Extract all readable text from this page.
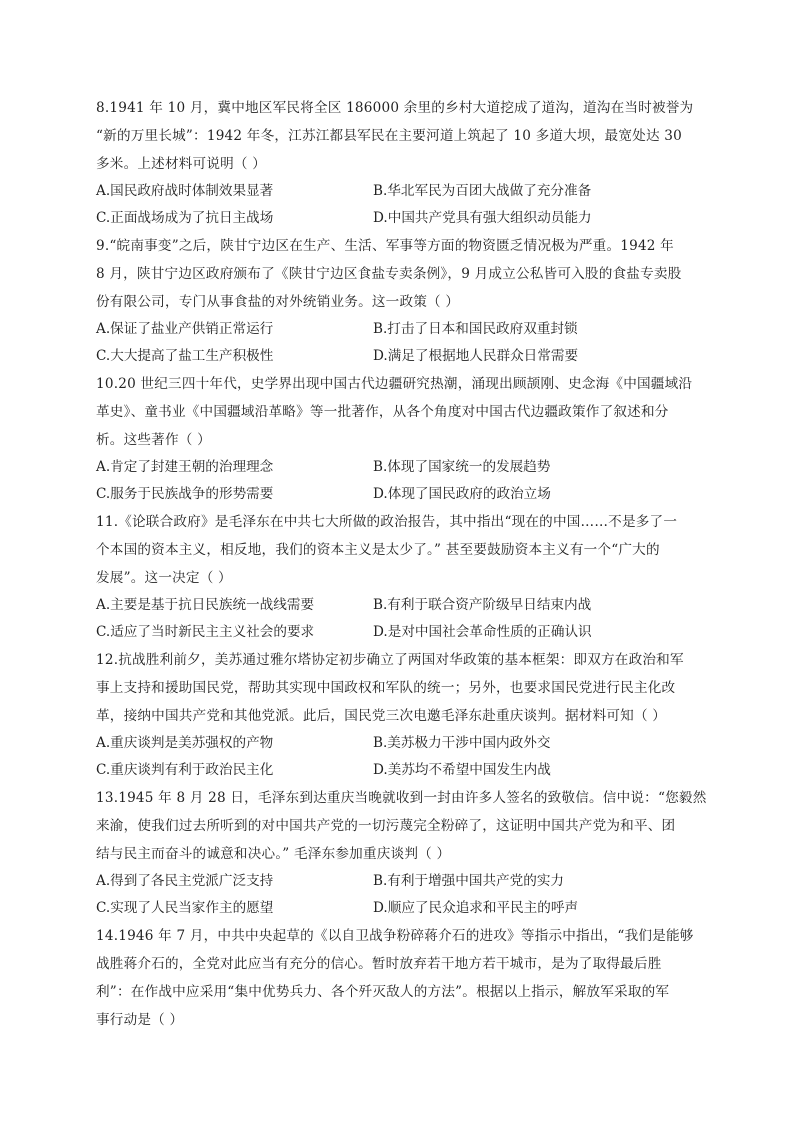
8.1941 年 10 月，冀中地区军民将全区 186000 余里的乡村大道挖成了道沟，道沟在当时被誉为
“新的万里长城”：1942 年冬，江苏江都县军民在主要河道上筑起了 10 多道大坝，最宽处达 30
多米。上述材料可说明（ ）
A.国民政府战时体制效果显著	B.华北军民为百团大战做了充分准备
C.正面战场成为了抗日主战场	D.中国共产党具有强大组织动员能力
9.“皖南事变”之后，陕甘宁边区在生产、生活、军事等方面的物资匮乏情况极为严重。1942 年
8 月，陕甘宁边区政府颁布了《陕甘宁边区食盐专卖条例》，9 月成立公私皆可入股的食盐专卖股
份有限公司，专门从事食盐的对外统销业务。这一政策（ ）
A.保证了盐业产供销正常运行	B.打击了日本和国民政府双重封锁
C.大大提高了盐工生产积极性	D.满足了根据地人民群众日常需要
10.20 世纪三四十年代，史学界出现中国古代边疆研究热潮，涌现出顾颉刚、史念海《中国疆域沿
革史》、童书业《中国疆域沿革略》等一批著作，从各个角度对中国古代边疆政策作了叙述和分
析。这些著作（ ）
A.肯定了封建王朝的治理理念	B.体现了国家统一的发展趋势
C.服务于民族战争的形势需要	D.体现了国民政府的政治立场
11.《论联合政府》是毛泽东在中共七大所做的政治报告，其中指出“现在的中国……不是多了一
个本国的资本主义，相反地，我们的资本主义是太少了。” 甚至要鼓励资本主义有一个“广大的
发展”。这一决定（ ）
A.主要是基于抗日民族统一战线需要	B.有利于联合资产阶级早日结束内战
C.适应了当时新民主主义社会的要求	D.是对中国社会革命性质的正确认识
12.抗战胜利前夕，美苏通过雅尔塔协定初步确立了两国对华政策的基本框架：即双方在政治和军
事上支持和援助国民党，帮助其实现中国政权和军队的统一；另外，也要求国民党进行民主化改
革，接纳中国共产党和其他党派。此后，国民党三次电邀毛泽东赴重庆谈判。据材料可知（ ）
A.重庆谈判是美苏强权的产物	B.美苏极力干涉中国内政外交
C.重庆谈判有利于政治民主化	D.美苏均不希望中国发生内战
13.1945 年 8 月 28 日，毛泽东到达重庆当晚就收到一封由许多人签名的致敬信。信中说：“您毅然
来渝，使我们过去所听到的对中国共产党的一切污蔑完全粉碎了，这证明中国共产党为和平、团
结与民主而奋斗的诚意和决心。” 毛泽东参加重庆谈判（ ）
A.得到了各民主党派广泛支持	B.有利于增强中国共产党的实力
C.实现了人民当家作主的愿望	D.顺应了民众追求和平民主的呼声
14.1946 年 7 月，中共中央起草的《以自卫战争粉碎蒋介石的进攻》等指示中指出，“我们是能够
战胜蒋介石的，全党对此应当有充分的信心。暂时放弃若干地方若干城市，是为了取得最后胜
利”：在作战中应采用“集中优势兵力、各个歼灭敌人的方法”。根据以上指示，解放军采取的军
事行动是（ ）
